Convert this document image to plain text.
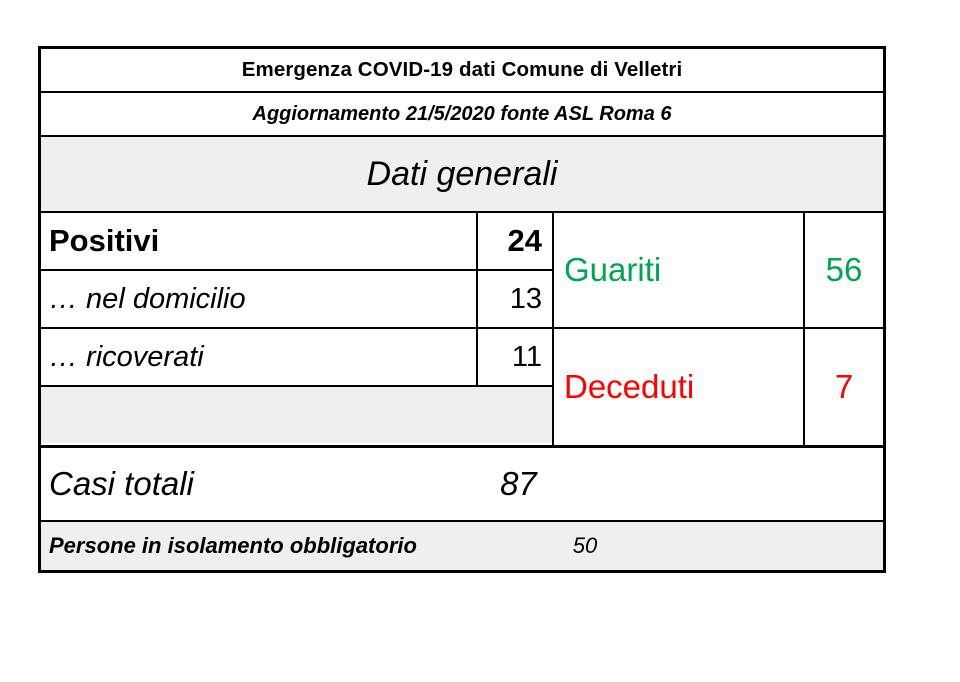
Emergenza COVID-19 dati Comune di Velletri
Aggiornamento 21/5/2020 fonte ASL Roma 6
Dati generali
Positivi	24
… nel domicilio	13
… ricoverati	11
Guariti	56
Deceduti	7
Casi totali	87
Persone in isolamento obbligatorio	50
